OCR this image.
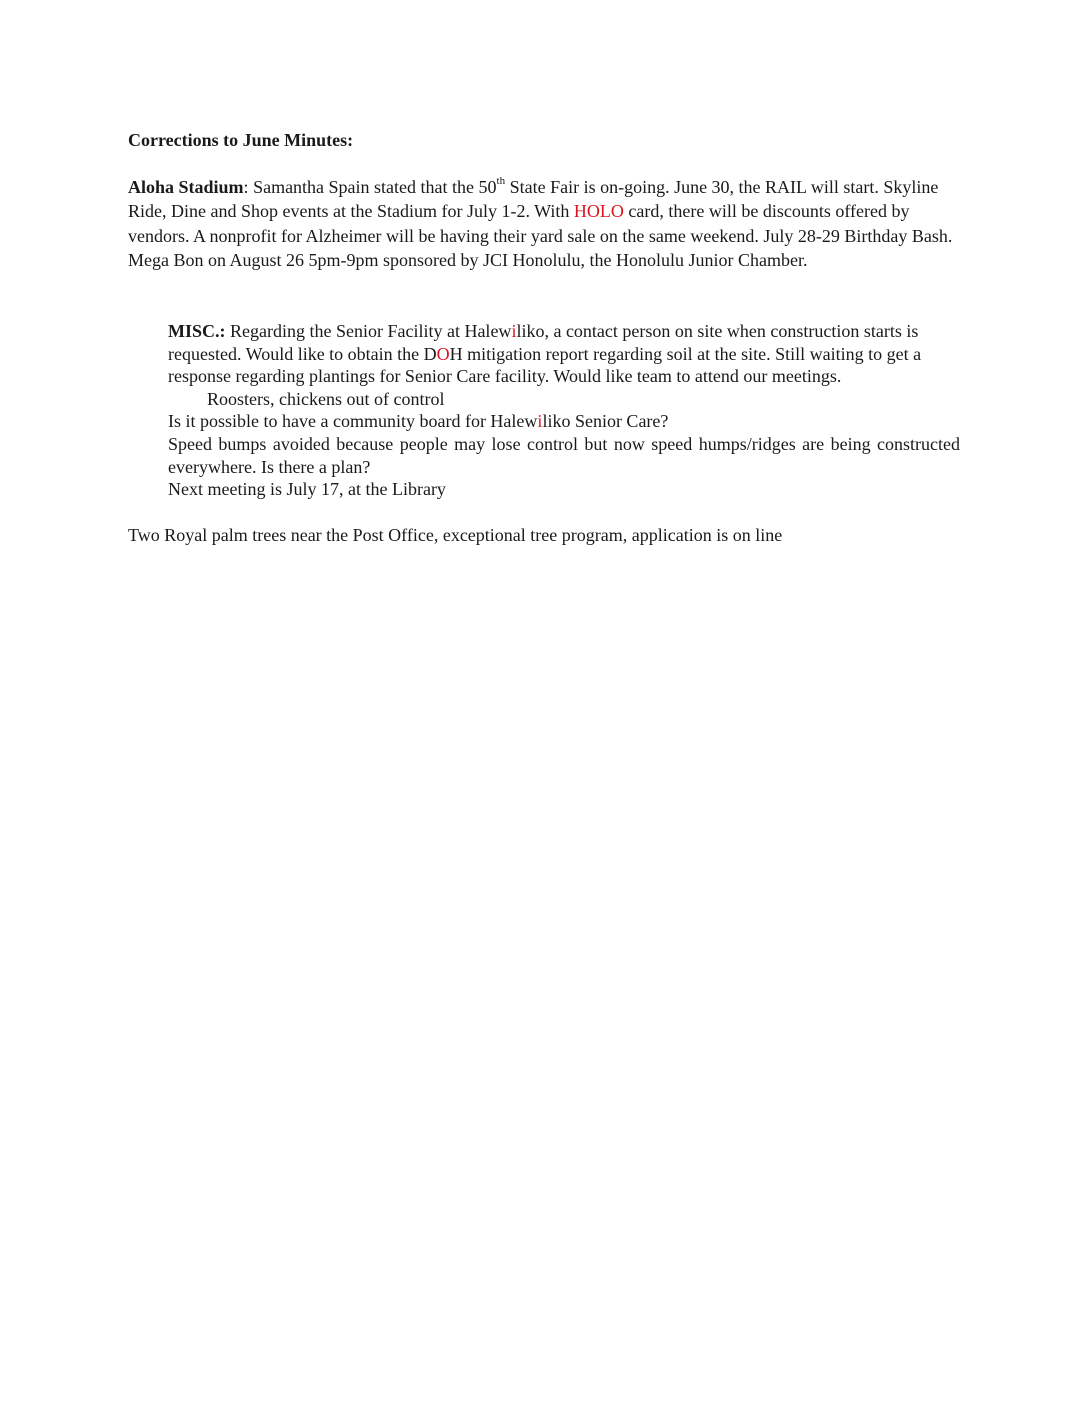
Corrections to June Minutes:
Aloha Stadium: Samantha Spain stated that the 50th State Fair is on-going. June 30, the RAIL will start. Skyline Ride, Dine and Shop events at the Stadium for July 1-2. With HOLO card, there will be discounts offered by vendors. A nonprofit for Alzheimer will be having their yard sale on the same weekend. July 28-29 Birthday Bash. Mega Bon on August 26 5pm-9pm sponsored by JCI Honolulu, the Honolulu Junior Chamber.

MISC.: Regarding the Senior Facility at Halewiliko, a contact person on site when construction starts is requested. Would like to obtain the DOH mitigation report regarding soil at the site. Still waiting to get a response regarding plantings for Senior Care facility. Would like team to attend our meetings.

Roosters, chickens out of control

Is it possible to have a community board for Halewiliko Senior Care?

Speed bumps avoided because people may lose control but now speed humps/ridges are being constructed everywhere. Is there a plan?

Next meeting is July 17, at the Library

Two Royal palm trees near the Post Office, exceptional tree program, application is on line
